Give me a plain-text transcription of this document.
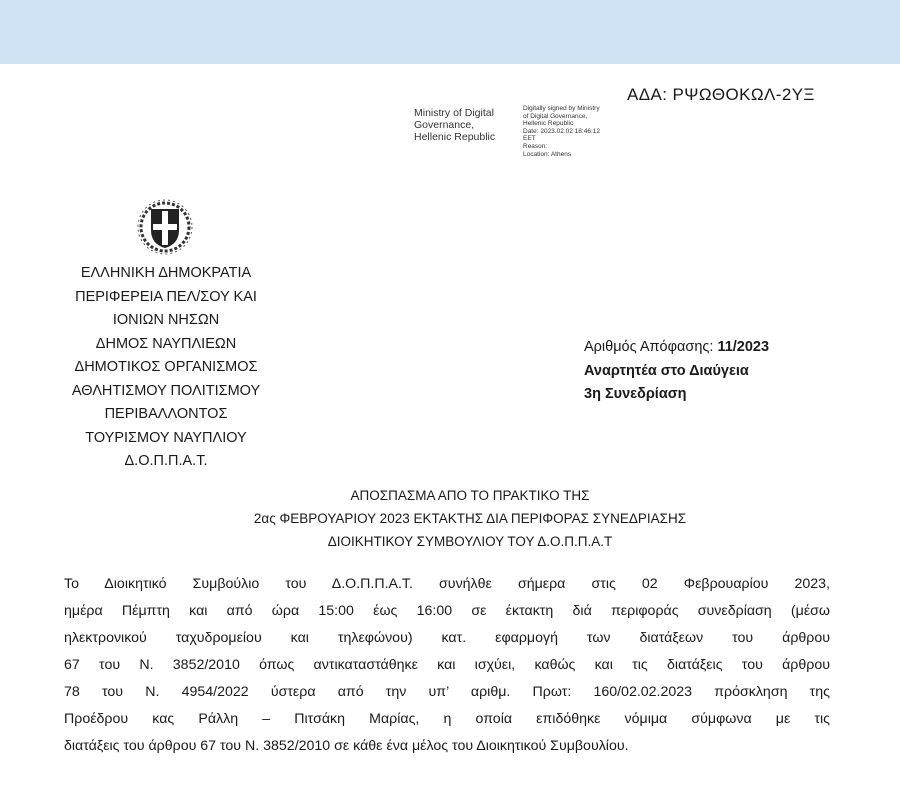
ΑΔΑ: ΡΨΩΘΟΚΩΛ-2ΥΞ
Ministry of Digital
Governance,
Hellenic Republic
Digitally signed by Ministry
of Digital Governance,
Hellenic Republic
Date: 2023.02.02 18:46:12
EET
Reason:
Location: Athens
ΕΛΛΗΝΙΚΗ ΔΗΜΟΚΡΑΤΙΑ
ΠΕΡΙΦΕΡΕΙΑ ΠΕΛ/ΣΟΥ ΚΑΙ
ΙΟΝΙΩΝ ΝΗΣΩΝ
ΔΗΜΟΣ ΝΑΥΠΛΙΕΩΝ
ΔΗΜΟΤΙΚΟΣ ΟΡΓΑΝΙΣΜΟΣ
ΑΘΛΗΤΙΣΜΟΥ ΠΟΛΙΤΙΣΜΟΥ
ΠΕΡΙΒΑΛΛΟΝΤΟΣ
ΤΟΥΡΙΣΜΟΥ ΝΑΥΠΛΙΟΥ
Δ.Ο.Π.Π.Α.Τ.
Αριθμός Απόφασης: 11/2023
Αναρτητέα στο Διαύγεια
3η Συνεδρίαση
ΑΠΟΣΠΑΣΜΑ ΑΠΟ ΤΟ ΠΡΑΚΤΙΚΟ ΤΗΣ
2ας ΦΕΒΡΟΥΑΡΙΟΥ 2023 ΕΚΤΑΚΤΗΣ ΔΙΑ ΠΕΡΙΦΟΡΑΣ ΣΥΝΕΔΡΙΑΣΗΣ
ΔΙΟΙΚΗΤΙΚΟΥ ΣΥΜΒΟΥΛΙΟΥ ΤΟΥ Δ.Ο.Π.Π.Α.Τ
Το Διοικητικό Συμβούλιο του Δ.Ο.Π.Π.Α.Τ. συνήλθε σήμερα στις 02 Φεβρουαρίου 2023,
ημέρα Πέμπτη και από ώρα 15:00 έως 16:00 σε έκτακτη διά περιφοράς συνεδρίαση (μέσω
ηλεκτρονικού ταχυδρομείου και τηλεφώνου) κατ. εφαρμογή των διατάξεων του άρθρου
67 του Ν. 3852/2010 όπως αντικαταστάθηκε και ισχύει, καθώς και τις διατάξεις του άρθρου
78 του Ν. 4954/2022 ύστερα από την υπ’ αριθμ. Πρωτ: 160/02.02.2023 πρόσκληση της
Προέδρου κας Ράλλη – Πιτσάκη Μαρίας, η οποία επιδόθηκε νόμιμα σύμφωνα με τις
διατάξεις του άρθρου 67 του Ν. 3852/2010 σε κάθε ένα μέλος του Διοικητικού Συμβουλίου.
